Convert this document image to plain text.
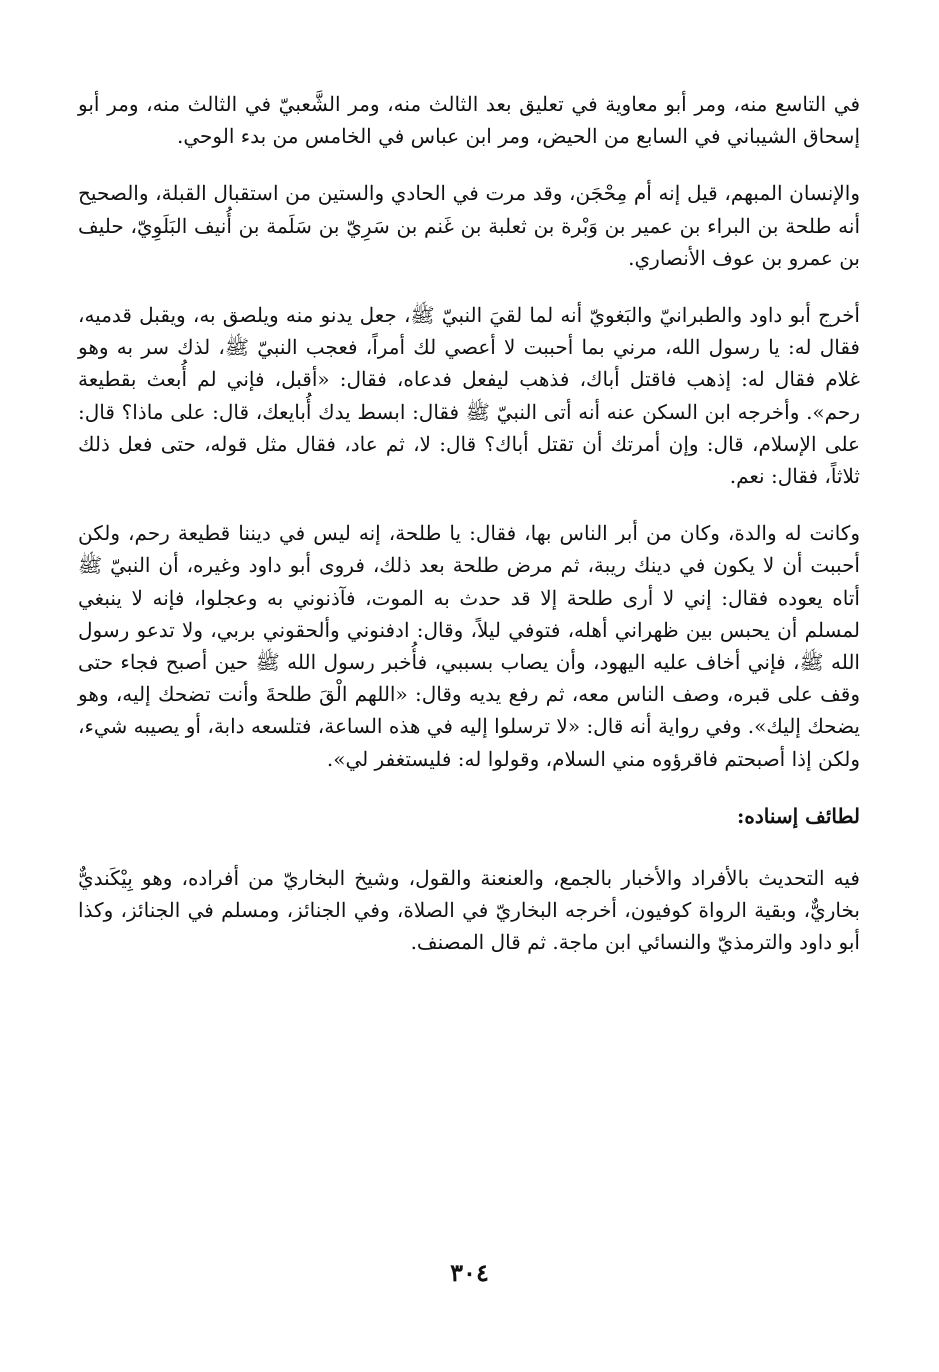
في التاسع منه، ومر أبو معاوية في تعليق بعد الثالث منه، ومر الشَّعبيّ في الثالث منه، ومر أبو إسحاق الشيباني في السابع من الحيض، ومر ابن عباس في الخامس من بدء الوحي.

والإنسان المبهم، قيل إنه أم مِحْجَن، وقد مرت في الحادي والستين من استقبال القبلة، والصحيح أنه طلحة بن البراء بن عمير بن وَبْرة بن ثعلبة بن غَنم بن سَرِيّ بن سَلَمة بن أُنيف البَلَوِيّ، حليف بن عمرو بن عوف الأنصاري.

أخرج أبو داود والطبرانيّ والبَغويّ أنه لما لقيَ النبيّ ﷺ، جعل يدنو منه ويلصق به، ويقبل قدميه، فقال له: يا رسول الله، مرني بما أحببت لا أعصي لك أمراً، فعجب النبيّ ﷺ، لذك سر به وهو غلام فقال له: إذهب فاقتل أباك، فذهب ليفعل فدعاه، فقال: «أقبل، فإني لم أُبعث بقطيعة رحم». وأخرجه ابن السكن عنه أنه أتى النبيّ ﷺ فقال: ابسط يدك أُبايعك، قال: على ماذا؟ قال: على الإسلام، قال: وإن أمرتك أن تقتل أباك؟ قال: لا، ثم عاد، فقال مثل قوله، حتى فعل ذلك ثلاثاً، فقال: نعم.

وكانت له والدة، وكان من أبر الناس بها، فقال: يا طلحة، إنه ليس في ديننا قطيعة رحم، ولكن أحببت أن لا يكون في دينك ريبة، ثم مرض طلحة بعد ذلك، فروى أبو داود وغيره، أن النبيّ ﷺ أتاه يعوده فقال: إني لا أرى طلحة إلا قد حدث به الموت، فآذنوني به وعجلوا، فإنه لا ينبغي لمسلم أن يحبس بين ظهراني أهله، فتوفي ليلاً، وقال: ادفنوني وألحقوني بربي، ولا تدعو رسول الله ﷺ، فإني أخاف عليه اليهود، وأن يصاب بسببي، فأُخبر رسول الله ﷺ حين أصبح فجاء حتى وقف على قبره، وصف الناس معه، ثم رفع يديه وقال: «اللهم الْقَ طلحةَ وأنت تضحك إليه، وهو يضحك إليك». وفي رواية أنه قال: «لا ترسلوا إليه في هذه الساعة، فتلسعه دابة، أو يصيبه شيء، ولكن إذا أصبحتم فاقرؤوه مني السلام، وقولوا له: فليستغفر لي».

لطائف إسناده:

فيه التحديث بالأفراد والأخبار بالجمع، والعنعنة والقول، وشيخ البخاريّ من أفراده، وهو بِيْكَنديٌّ بخاريٌّ، وبقية الرواة كوفيون، أخرجه البخاريّ في الصلاة، وفي الجنائز، ومسلم في الجنائز، وكذا أبو داود والترمذيّ والنسائي ابن ماجة. ثم قال المصنف.

٣٠٤
